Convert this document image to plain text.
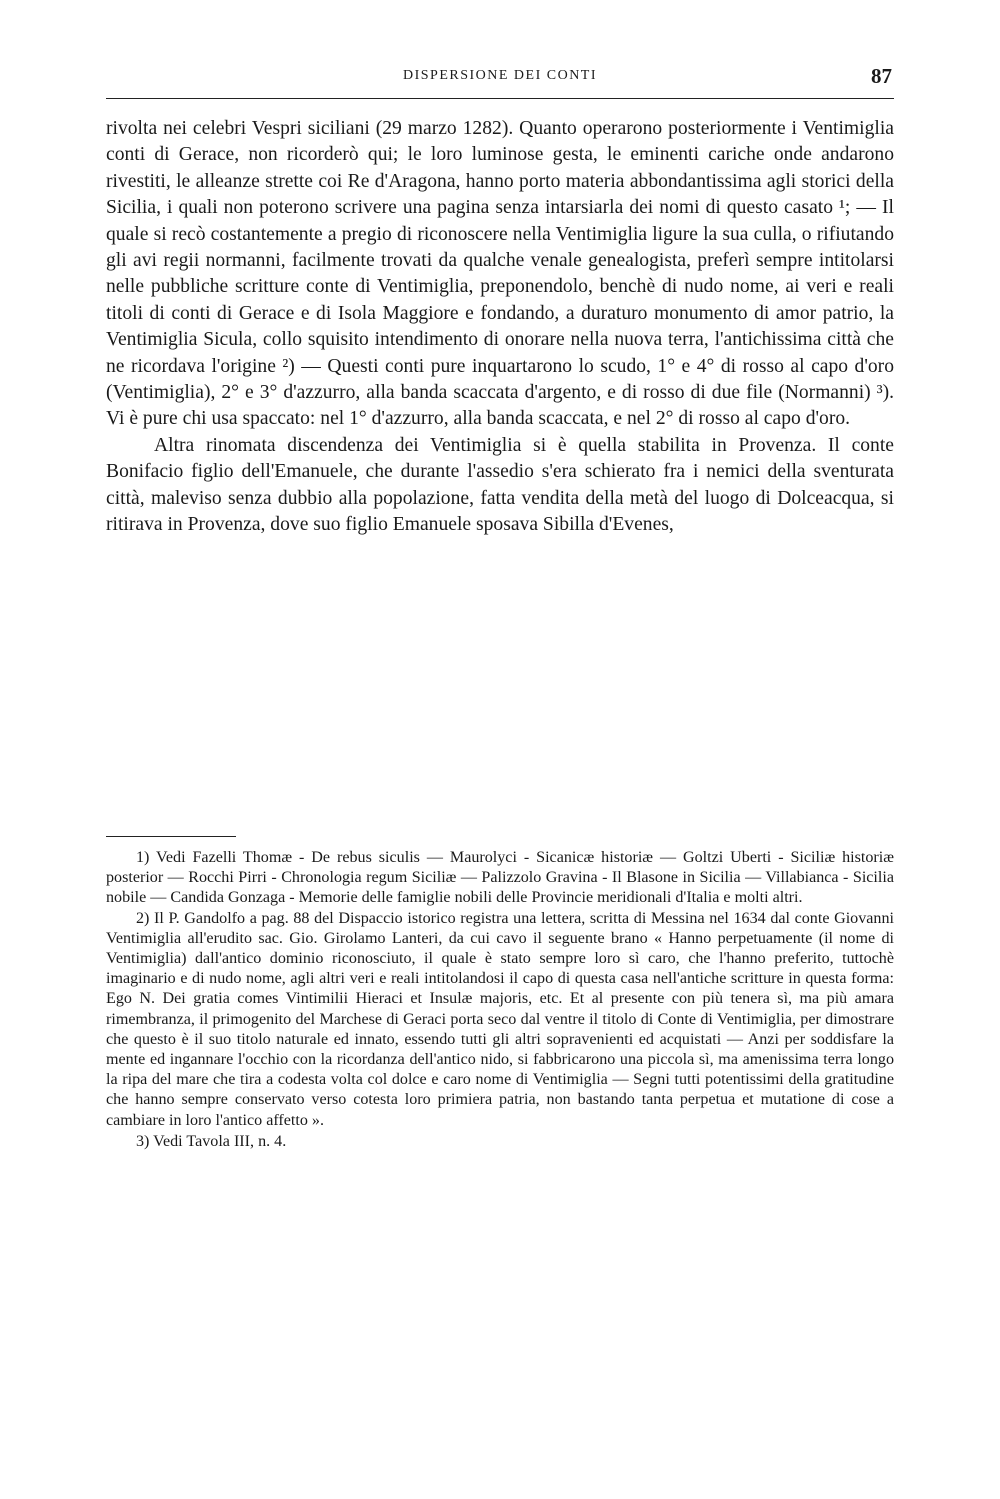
DISPERSIONE DEI CONTI	87

rivolta nei celebri Vespri siciliani (29 marzo 1282). Quanto operarono posteriormente i Ventimiglia conti di Gerace, non ricorderò qui; le loro luminose gesta, le eminenti cariche onde andarono rivestiti, le alleanze strette coi Re d'Aragona, hanno porto materia abbondantissima agli storici della Sicilia, i quali non poterono scrivere una pagina senza intarsiarla dei nomi di questo casato ¹; — Il quale si recò costantemente a pregio di riconoscere nella Ventimiglia ligure la sua culla, o rifiutando gli avi regii normanni, facilmente trovati da qualche venale genealogista, preferì sempre intitolarsi nelle pubbliche scritture conte di Ventimiglia, preponendolo, benchè di nudo nome, ai veri e reali titoli di conti di Gerace e di Isola Maggiore e fondando, a duraturo monumento di amor patrio, la Ventimiglia Sicula, collo squisito intendimento di onorare nella nuova terra, l'antichissima città che ne ricordava l'origine ²) — Questi conti pure inquartarono lo scudo, 1° e 4° di rosso al capo d'oro (Ventimiglia), 2° e 3° d'azzurro, alla banda scaccata d'argento, e di rosso di due file (Normanni) ³). Vi è pure chi usa spaccato: nel 1° d'azzurro, alla banda scaccata, e nel 2° di rosso al capo d'oro.

Altra rinomata discendenza dei Ventimiglia si è quella stabilita in Provenza. Il conte Bonifacio figlio dell'Emanuele, che durante l'assedio s'era schierato fra i nemici della sventurata città, maleviso senza dubbio alla popolazione, fatta vendita della metà del luogo di Dolceacqua, si ritirava in Provenza, dove suo figlio Emanuele sposava Sibilla d'Evenes,

1) Vedi Fazelli Thomæ - De rebus siculis — Maurolyci - Sicanicæ historiæ — Goltzi Uberti - Siciliæ historiæ posterior — Rocchi Pirri - Chronologia regum Siciliæ — Palizzolo Gravina - Il Blasone in Sicilia — Villabianca - Sicilia nobile — Candida Gonzaga - Memorie delle famiglie nobili delle Provincie meridionali d'Italia e molti altri.

2) Il P. Gandolfo a pag. 88 del Dispaccio istorico registra una lettera, scritta di Messina nel 1634 dal conte Giovanni Ventimiglia all'erudito sac. Gio. Girolamo Lanteri, da cui cavo il seguente brano « Hanno perpetuamente (il nome di Ventimiglia) dall'antico dominio riconosciuto, il quale è stato sempre loro sì caro, che l'hanno preferito, tuttochè imaginario e di nudo nome, agli altri veri e reali intitolandosi il capo di questa casa nell'antiche scritture in questa forma: Ego N. Dei gratia comes Vintimilii Hieraci et Insulæ majoris, etc. Et al presente con più tenera sì, ma più amara rimembranza, il primogenito del Marchese di Geraci porta seco dal ventre il titolo di Conte di Ventimiglia, per dimostrare che questo è il suo titolo naturale ed innato, essendo tutti gli altri sopravenienti ed acquistati — Anzi per soddisfare la mente ed ingannare l'occhio con la ricordanza dell'antico nido, si fabbricarono una piccola sì, ma amenissima terra longo la ripa del mare che tira a codesta volta col dolce e caro nome di Ventimiglia — Segni tutti potentissimi della gratitudine che hanno sempre conservato verso cotesta loro primiera patria, non bastando tanta perpetua et mutatione di cose a cambiare in loro l'antico affetto ».

3) Vedi Tavola III, n. 4.
